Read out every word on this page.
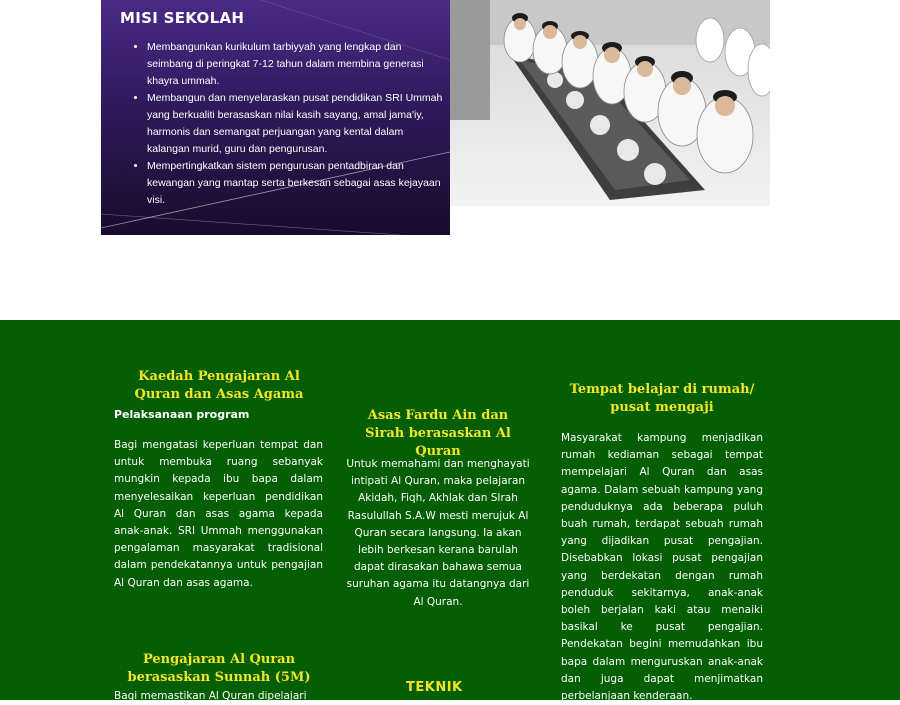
MISI SEKOLAH
• Membangunkan kurikulum tarbiyyah yang lengkap dan seimbang di peringkat 7-12 tahun dalam membina generasi khayra ummah.
• Membangun dan menyelaraskan pusat pendidikan SRI Ummah yang berkualiti berasaskan nilai kasih sayang, amal jama'iy, harmonis dan semangat perjuangan yang kental dalam kalangan murid, guru dan pengurusan.
• Mempertingkatkan sistem pengurusan pentadbiran dan kewangan yang mantap serta berkesan sebagai asas kejayaan visi.
Kaedah Pengajaran Al Quran dan Asas Agama

Pelaksanaan program

Bagi mengatasi keperluan tempat dan untuk membuka ruang sebanyak mungkin kepada ibu bapa dalam menyelesaikan keperluan pendidikan Al Quran dan asas agama kepada anak-anak. SRI Ummah menggunakan pengalaman masyarakat tradisional dalam pendekatannya untuk pengajian Al Quran dan asas agama.

Asas Fardu Ain dan Sirah berasaskan Al Quran

Untuk memahami dan menghayati intipati Al Quran, maka pelajaran Akidah, Fiqh, Akhlak dan SIrah Rasulullah S.A.W mesti merujuk Al Quran secara langsung. Ia akan lebih berkesan kerana barulah dapat dirasakan bahawa semua suruhan agama itu datangnya dari Al Quran.

Tempat belajar di rumah/ pusat mengaji

Masyarakat kampung menjadikan rumah kediaman sebagai tempat mempelajari Al Quran dan asas agama. Dalam sebuah kampung yang penduduknya ada beberapa puluh buah rumah, terdapat sebuah rumah yang dijadikan pusat pengajian. Disebabkan lokasi pusat pengajian yang berdekatan dengan rumah penduduk sekitarnya, anak-anak boleh berjalan kaki atau menaiki basikal ke pusat pengajian. Pendekatan begini memudahkan ibu bapa dalam menguruskan anak-anak dan juga dapat menjimatkan perbelanjaan kenderaan.

Pengajaran Al Quran berasaskan Sunnah (5M)

Bagi memastikan Al Quran dipelajari

TEKNIK
